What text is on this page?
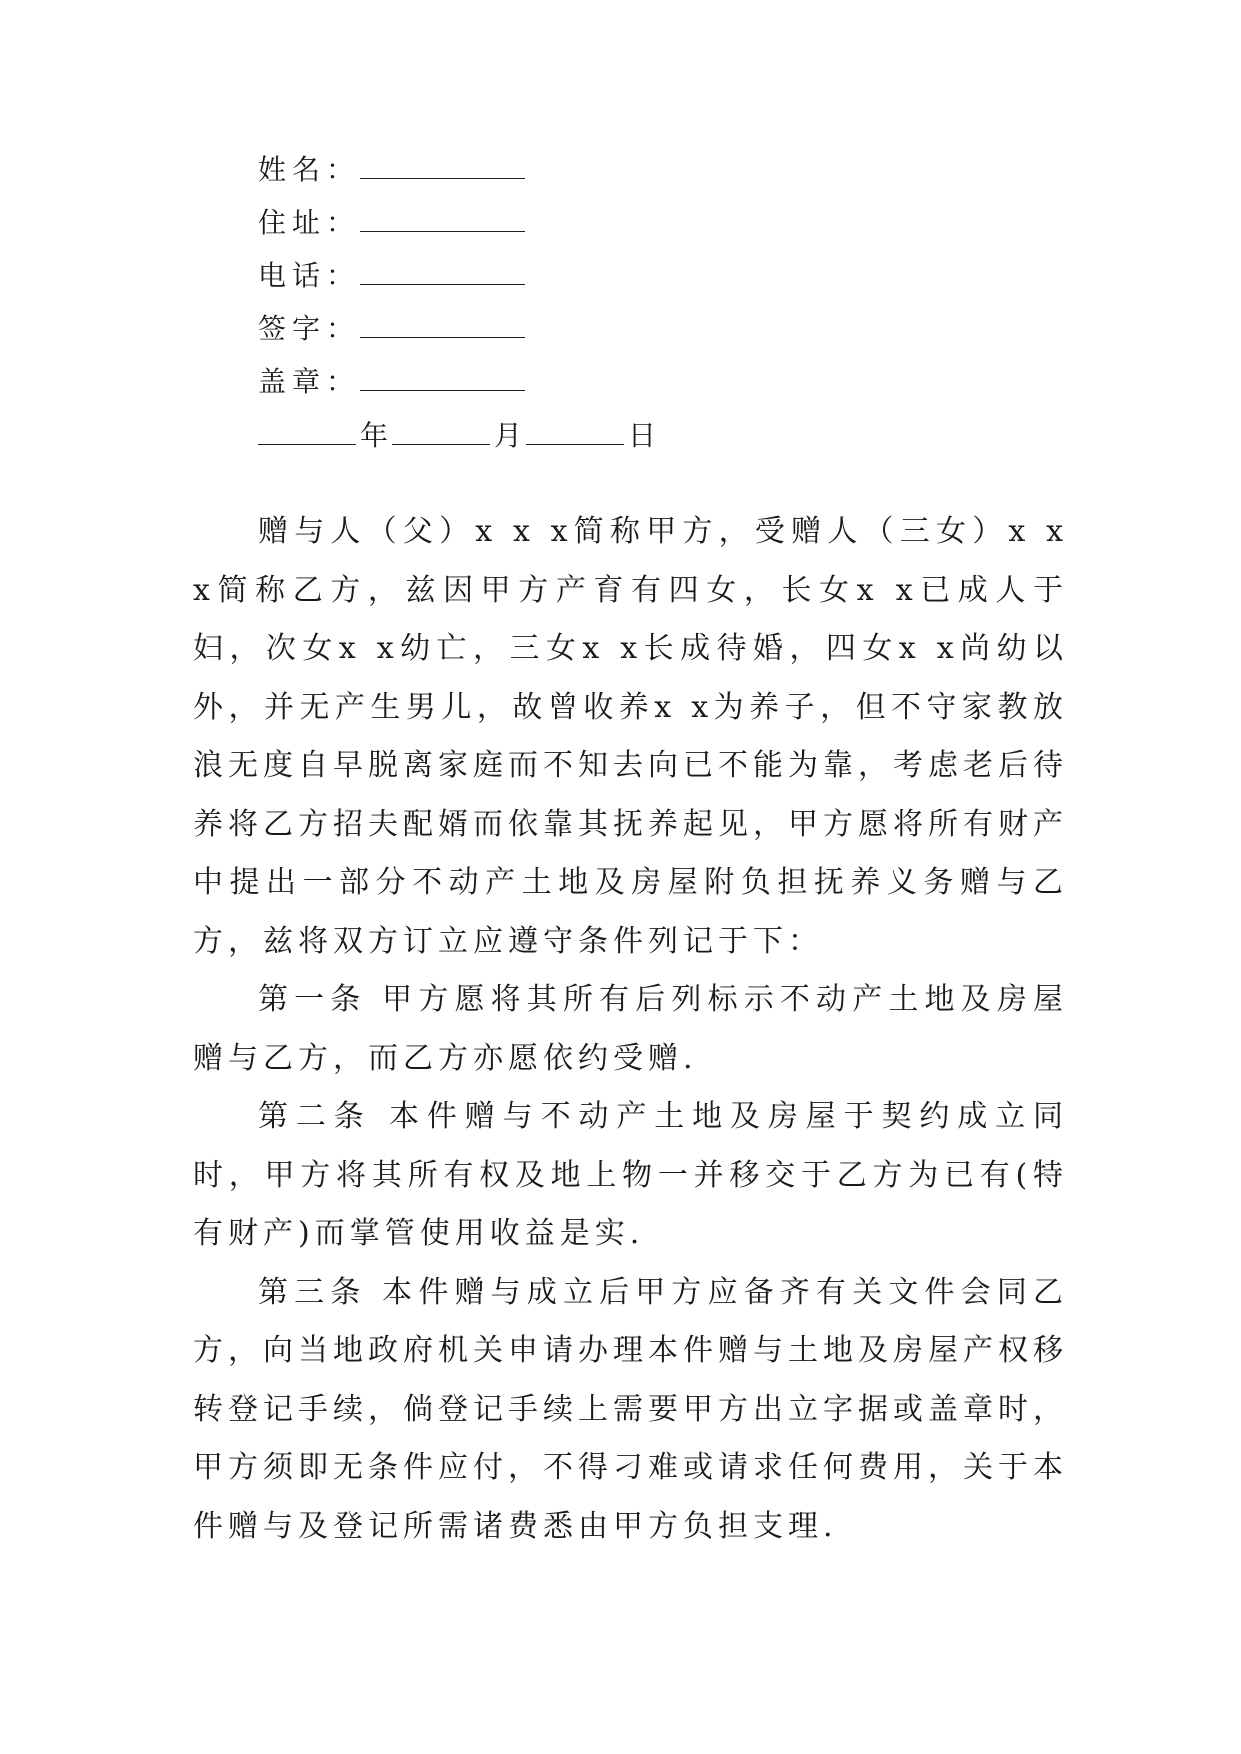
姓名：
住址：
电话：
签字：
盖章：
年	月	日

赠与人（父）x x x简称甲方，受赠人（三女）x x x简称乙方，兹因甲方产育有四女，长女x x已成人于妇，次女x x幼亡，三女x x长成待婚，四女x x尚幼以外，并无产生男儿，故曾收养x x为养子，但不守家教放浪无度自早脱离家庭而不知去向已不能为靠，考虑老后待养将乙方招夫配婿而依靠其抚养起见，甲方愿将所有财产中提出一部分不动产土地及房屋附负担抚养义务赠与乙方，兹将双方订立应遵守条件列记于下：

第一条 甲方愿将其所有后列标示不动产土地及房屋赠与乙方，而乙方亦愿依约受赠.

第二条 本件赠与不动产土地及房屋于契约成立同时，甲方将其所有权及地上物一并移交于乙方为已有(特有财产)而掌管使用收益是实.

第三条 本件赠与成立后甲方应备齐有关文件会同乙方，向当地政府机关申请办理本件赠与土地及房屋产权移转登记手续，倘登记手续上需要甲方出立字据或盖章时，甲方须即无条件应付，不得刁难或请求任何费用，关于本件赠与及登记所需诸费悉由甲方负担支理.
